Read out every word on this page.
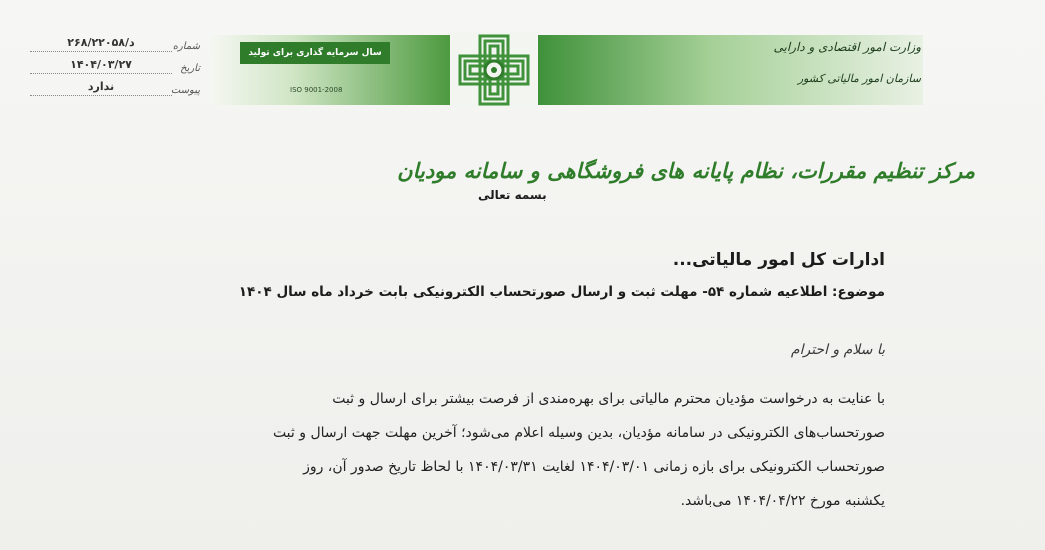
شماره
۲۶۸/۲۲۰۵۸/د
تاریخ
۱۴۰۴/۰۳/۲۷
پیوست
ندارد
سال سرمایه گذاری برای تولید
ISO 9001-2008
وزارت امور اقتصادی و دارایی
سازمان امور مالیاتی کشور
مرکز تنظیم مقررات، نظام پایانه های فروشگاهی و سامانه مودیان
بسمه تعالی
ادارات کل امور مالیاتی...
موضوع: اطلاعیه شماره ۵۴- مهلت ثبت و ارسال صورتحساب الکترونیکی بابت خرداد ماه سال ۱۴۰۴
با سلام و احترام
با عنایت به درخواست مؤدیان محترم مالیاتی برای بهره‌مندی از فرصت بیشتر برای ارسال و ثبت
صورتحساب‌های الکترونیکی در سامانه مؤدیان، بدین وسیله اعلام می‌شود؛ آخرین مهلت جهت ارسال و ثبت
صورتحساب الکترونیکی برای بازه زمانی ۱۴۰۴/۰۳/۰۱ لغایت ۱۴۰۴/۰۳/۳۱ با لحاظ تاریخ صدور آن، روز
یکشنبه مورخ ۱۴۰۴/۰۴/۲۲ می‌باشد.
